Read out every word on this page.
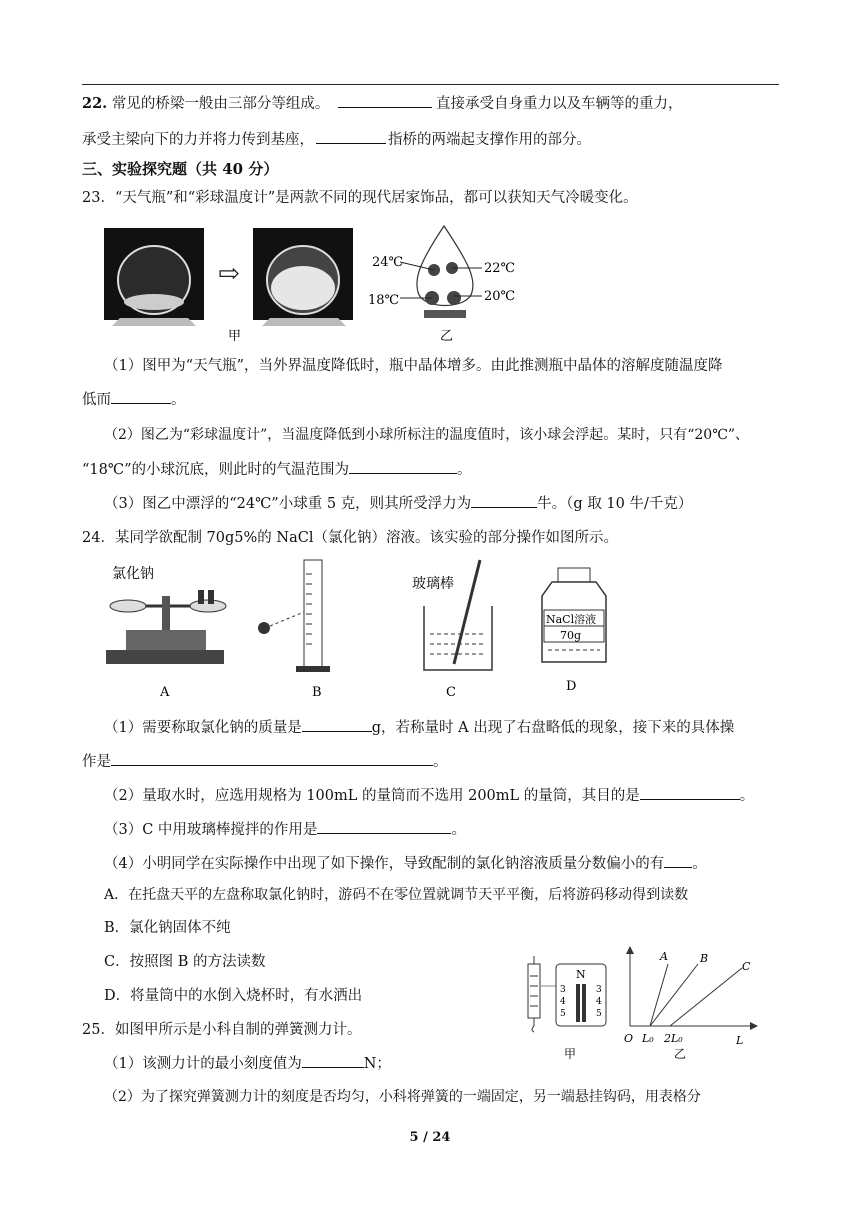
22. 常见的桥梁一般由三部分等组成。	直接承受自身重力以及车辆等的重力，
承受主梁向下的力并将力传到基座，	指桥的两端起支撑作用的部分。
三、实验探究题（共 40 分）
23．“天气瓶”和“彩球温度计”是两款不同的现代居家饰品，都可以获知天气冷暖变化。
⇨
甲
24℃	22℃
18℃	20℃
乙
（1）图甲为“天气瓶”，当外界温度降低时，瓶中晶体增多。由此推测瓶中晶体的溶解度随温度降
低而	。
（2）图乙为“彩球温度计”，当温度降低到小球所标注的温度值时，该小球会浮起。某时，只有“20℃”、
“18℃”的小球沉底，则此时的气温范围为	。
（3）图乙中漂浮的“24℃”小球重 5 克，则其所受浮力为	牛。（g 取 10 牛/千克）
24．某同学欲配制 70g5%的 NaCl（氯化钠）溶液。该实验的部分操作如图所示。
氯化钠
A	B
玻璃棒
C
NaCl溶液
70g
D
（1）需要称取氯化钠的质量是	g，若称量时 A 出现了右盘略低的现象，接下来的具体操
作是	。
（2）量取水时，应选用规格为 100mL 的量筒而不选用 200mL 的量筒，其目的是	。
（3）C 中用玻璃棒搅拌的作用是	。
（4）小明同学在实际操作中出现了如下操作，导致配制的氯化钠溶液质量分数偏小的有 。
A．在托盘天平的左盘称取氯化钠时，游码不在零位置就调节天平平衡，后将游码移动得到读数
B．氯化钠固体不纯
C．按照图 B 的方法读数
D．将量筒中的水倒入烧杯时，有水洒出
N
3
4
5
3
4
5
甲
A	B
C
O L₀ 2L₀	L
乙
25．如图甲所示是小科自制的弹簧测力计。
（1）该测力计的最小刻度值为	N；
（2）为了探究弹簧测力计的刻度是否均匀，小科将弹簧的一端固定，另一端悬挂钩码，用表格分
5 / 24
